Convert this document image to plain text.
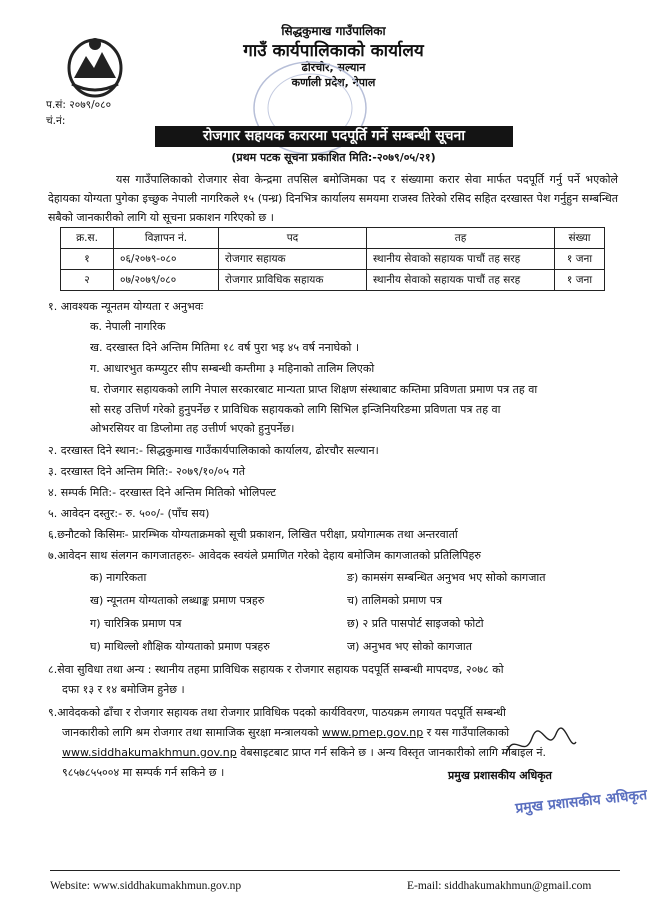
सिद्धकुमाख गाउँपालिका
गाउँ कार्यपालिकाको कार्यालय
ढोरचौर, सल्यान
कर्णाली प्रदेश, नेपाल
प.सं: २०७९/०८०
चं.नं:
रोजगार सहायक करारमा पदपूर्ति गर्ने सम्बन्धी सूचना
(प्रथम पटक सूचना प्रकाशित मिति:-२०७९/०५/२१)
यस गाउँपालिकाको रोजगार सेवा केन्द्रमा तपसिल बमोजिमका पद र संख्यामा करार सेवा मार्फत पदपूर्ति गर्नु पर्ने भएकोले देहायका योग्यता पुगेका इच्छुक नेपाली नागरिकले १५ (पन्ध्र) दिनभित्र कार्यालय समयमा राजस्व तिरेको रसिद सहित दरखास्त पेश गर्नुहुन सम्बन्धित सबैको जानकारीको लागि यो सूचना प्रकाशन गरिएको छ ।
क्र.स.	विज्ञापन नं.	पद	तह	संख्या
१	०६/२०७९-०८०	रोजगार सहायक	स्थानीय सेवाको सहायक पाचौं तह सरह	१ जना
२	०७/२०७९/०८०	रोजगार प्राविधिक सहायक	स्थानीय सेवाको सहायक पाचौं तह सरह	१ जना
१. आवश्यक न्यूनतम योग्यता र अनुभवः
क. नेपाली नागरिक
ख. दरखास्त दिने अन्तिम मितिमा १८ वर्ष पुरा भइ ४५ वर्ष ननाघेको ।
ग. आधारभुत कम्प्युटर सीप सम्बन्धी कम्तीमा ३ महिनाको तालिम लिएको
घ. रोजगार सहायकको लागि नेपाल सरकारबाट मान्यता प्राप्त शिक्षण संस्थाबाट कम्तिमा प्रविणता प्रमाण पत्र तह वा
सो सरह उत्तिर्ण गरेको हुनुपर्नेछ र प्राविधिक सहायकको लागि सिभिल इन्जिनियरिङमा प्रविणता पत्र तह वा
ओभरसियर वा डिप्लोमा तह उत्तीर्ण भएको हुनुपर्नेछ।
२. दरखास्त दिने स्थान:- सिद्धकुमाख गाउँकार्यपालिकाको कार्यालय, ढोरचौर सल्यान।
३. दरखास्त दिने अन्तिम मिति:- २०७९/१०/०५ गते
४. सम्पर्क मिति:- दरखास्त दिने अन्तिम मितिको भोलिपल्ट
५. आवेदन दस्तुर:- रु. ५००/- (पाँच सय)
६.छनौटको किसिमः- प्रारम्भिक योग्यताक्रमको सूची प्रकाशन, लिखित परीक्षा, प्रयोगात्मक तथा अन्तरवार्ता
७.आवेदन साथ संलगन कागजातहरुः- आवेदक स्वयंले प्रमाणित गरेको देहाय बमोजिम कागजातको प्रतिलिपिहरु
क) नागरिकता
ख) न्यूनतम योग्यताको लब्धाङ्क प्रमाण पत्रहरु
ग) चारित्रिक प्रमाण पत्र
घ) माथिल्लो शौक्षिक योग्यताको प्रमाण पत्रहरु
ङ) कामसंग सम्बन्धित अनुभव भए सोको कागजात
च) तालिमको प्रमाण पत्र
छ) २ प्रति पासपोर्ट साइजको फोटो
ज) अनुभव भए सोको कागजात
८.सेवा सुविधा तथा अन्य : स्थानीय तहमा प्राविधिक सहायक र रोजगार सहायक पदपूर्ति सम्बन्धी मापदण्ड, २०७८ को
दफा १३ र १४ बमोजिम हुनेछ ।
९.आवेदकको ढाँचा र रोजगार सहायक तथा रोजगार प्राविधिक पदको कार्यविवरण, पाठयक्रम लगायत पदपूर्ति सम्बन्धी
जानकारीको लागि श्रम रोजगार तथा सामाजिक सुरक्षा मन्त्रालयको www.pmep.gov.np र यस गाउँपालिकाको
www.siddhakumakhmun.gov.np वेबसाइटबाट प्राप्त गर्न सकिने छ । अन्य विस्तृत जानकारीको लागि मोबाइल नं.
९८५७८५५००४ मा सम्पर्क गर्न सकिने छ ।	प्रमुख प्रशासकीय अधिकृत
प्रमुख प्रशासकीय अधिकृत
Website: www.siddhakumakhmun.gov.np	E-mail: siddhakumakhmun@gmail.com
